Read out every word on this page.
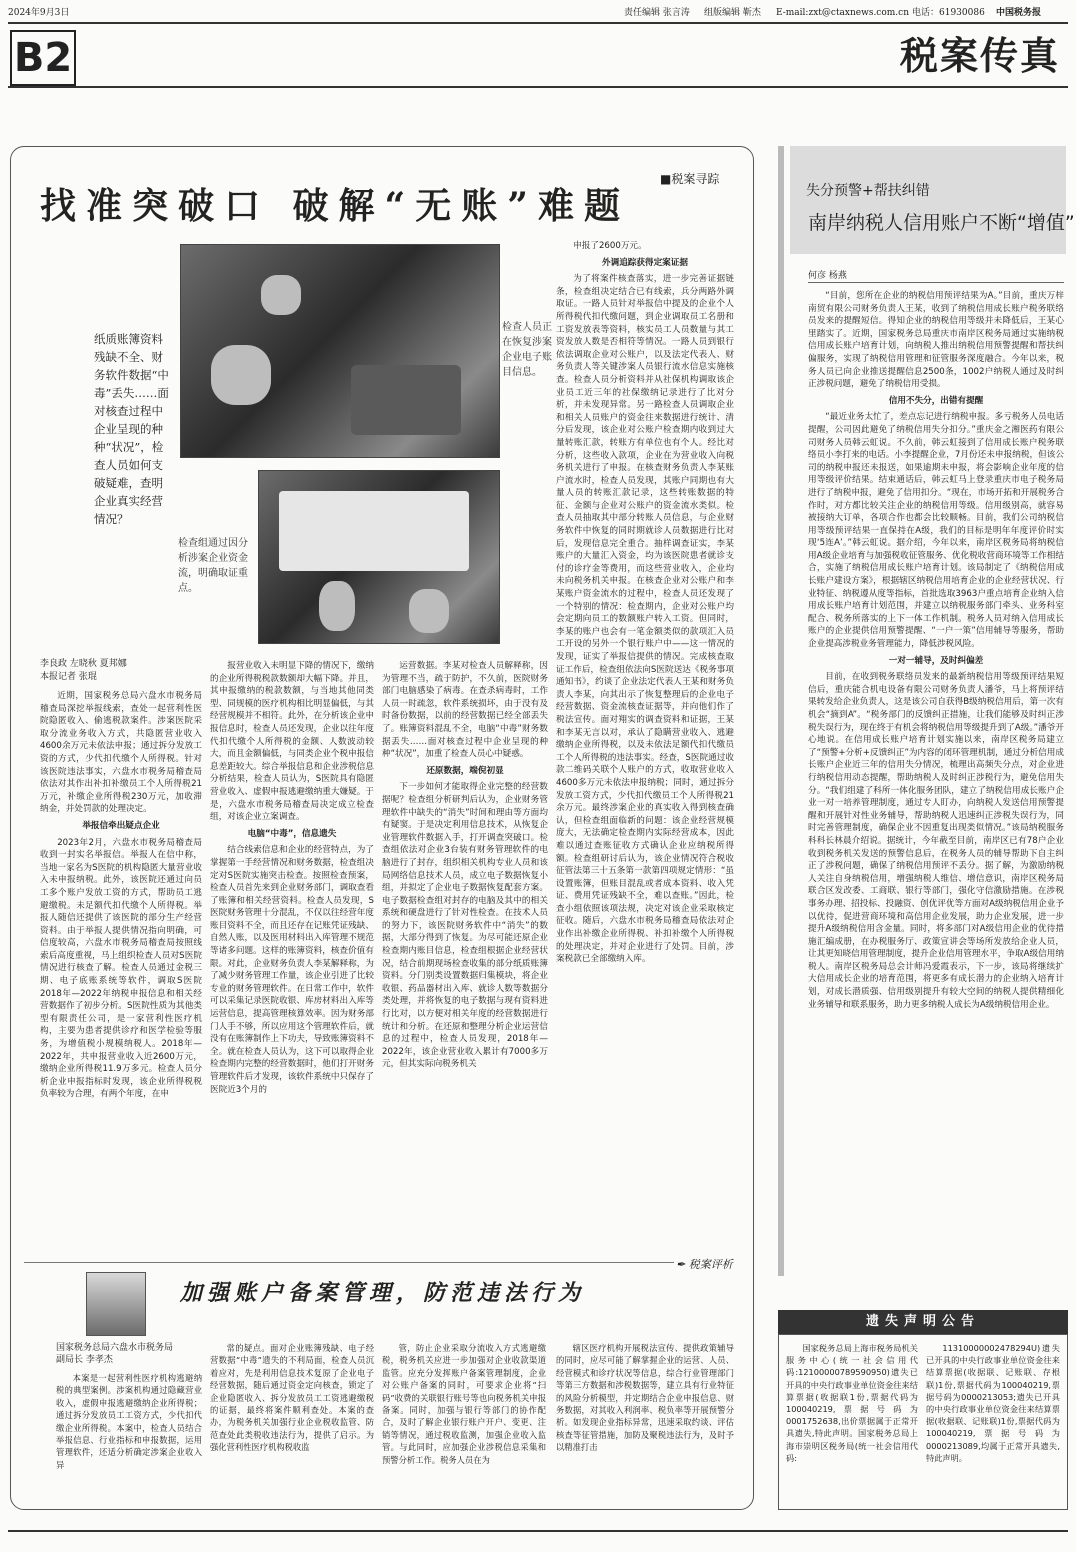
2024年9月3日	责任编辑 张言涛 组版编辑 靳杰 E-mail:zxt@ctaxnews.com.cn 电话：61930086 中国税务报
B2	税案传真
找准突破口 破解“无账”难题
■税案寻踪
纸质账簿资料残缺不全、财务软件数据“中毒”丢失……面对核查过程中企业呈现的种种“状况”，检查人员如何支破疑难，查明企业真实经营情况？
检查人员正在恢复涉案企业电子账目信息。
检查组通过因分析涉案企业资金流，明确取证重点。
李良政 左晓秋 夏邦娜
本报记者 张琨

近期，国家税务总局六盘水市税务局稽查局深挖举报线索，查处一起营利性医院隐匿收入、偷逃税款案件。涉案医院采取分流业务收入方式，共隐匿营业收入4600余万元未依法申报；通过拆分发放工资的方式，少代扣代缴个人所得税。针对该医院违法事实，六盘水市税务局稽查局依法对其作出补扣补缴员工个人所得税21万元，补缴企业所得税230万元，加收滞纳金，并处罚款的处理决定。

举报信牵出疑点企业

2023年2月，六盘水市税务局稽查局收到一封实名举报信。举报人在信中称，当地一家名为S医院的机构隐匿大量营业收入未申报纳税。此外，该医院还通过向员工多个账户发放工资的方式，帮助员工逃避缴税。未足额代扣代缴个人所得税。举报人随信还提供了该医院的部分生产经营资料。由于举报人提供情况指向明确，可信度较高，六盘水市税务局稽查局按照线索后高度重视，马上组织检查人员对S医院情况进行核查了解。检查人员通过金税三期、电子底账系统等软件，调取S医院2018年—2022年纳税申报信息和相关经营数据作了初步分析。S医院性质为其他类型有限责任公司，是一家营利性医疗机构，主要为患者提供诊疗和医学检验等服务，为增值税小规模纳税人。2018年—2022年，共申报营业收入近2600万元，缴纳企业所得税11.9万多元。检查人员分析企业申报指标时发现，该企业所得税税负率较为合理，有两个年度，在申

报营业收入未明显下降的情况下，缴纳的企业所得税税款数额却大幅下降。并且，其申报缴纳的税款数额，与当地其他同类型、同规模的医疗机构相比明显偏低，与其经营规模并不相符。此外，在分析该企业申报信息时，检查人员还发现，企业以往年度代扣代缴个人所得税的金额、人数波动较大，而且金额偏低，与同类企业个税申报信息差距较大。综合举报信息和企业涉税信息分析结果，检查人员认为，S医院具有隐匿营业收入、虚假申报逃避缴纳重大嫌疑。于是，六盘水市税务局稽查局决定成立检查组，对该企业立案调查。

电脑“中毒”，信息遗失

结合线索信息和企业的经营特点，为了掌握第一手经营情况和财务数据，检查组决定对S医院实施突击检查。按照检查预案，检查人员首先来到企业财务部门，调取查看了账簿和相关经营资料。检查人员发现，S医院财务管理十分混乱，不仅以往经营年度账目资料不全，而且还存在记账凭证残缺、自然人账，以及医用材料出入库管理不规范等诸多问题。这样的账簿资料，核查价值有限。对此，企业财务负责人李某解释称，为了减少财务管理工作量，该企业引进了比较专业的财务管理软件。在日常工作中，软件可以采集记录医院收银、库房材料出入库等运营信息，提高管理核算效率。因为财务部门人手不够，所以应用这个管理软件后，就没有在账簿制作上下功夫，导致账簿资料不全。就在检查人员认为，这下可以取得企业检查期内完整的经营数据时，他们打开财务管理软件后才发现，该软件系统中只保存了医院近3个月的

运营数据。李某对检查人员解释称，因为管理不当，疏于防护，不久前，医院财务部门电脑感染了病毒。在查杀病毒时，工作人员一时疏忽，软件系统损坏，由于没有及时备份数据，以前的经营数据已经全部丢失了。账簿资料混乱不全，电脑“中毒”财务数据丢失……面对核查过程中企业呈现的种种“状况”，加重了检查人员心中疑惑。

还原数据，端倪初显

下一步如何才能取得企业完整的经营数据呢？检查组分析研判后认为，企业财务管理软件中缺失的“消失”时间和理由等方面均有疑窦。于是决定利用信息技术，从恢复企业管理软件数据入手，打开调查突破口。检查组依法对企业3台装有财务管理软件的电脑进行了封存，组织相关机构专业人员和该局网络信息技术人员，成立电子数据恢复小组，并拟定了企业电子数据恢复配套方案。电子数据检查组对封存的电脑及其中的相关系统和硬盘进行了针对性检查。在技术人员的努力下，该医院财务软件中“消失”的数据，大部分得到了恢复。为尽可能还原企业检查期内账目信息，检查组根据企业经营状况，结合前期现场检查收集的部分纸质账簿资料。分门别类设置数据归集模块，将企业收银、药品器材出入库、就诊人数等数据分类处理，并将恢复的电子数据与现有资料进行比对，以方便对相关年度的经营数据进行统计和分析。在还原和整理分析企业运营信息的过程中，检查人员发现，2018年—2022年，该企业营业收入累计有7000多万元，但其实际向税务机关

申报了2600万元。

外调追踪获得定案证据

为了将案件核查落实，进一步完善证据链条，检查组决定结合已有线索，兵分两路外调取证。一路人员针对举报信中提及的企业个人所得税代扣代缴问题，到企业调取员工名册和工资发放表等资料，核实员工人员数量与其工资发放人数是否相符等情况。一路人员到银行依法调取企业对公账户，以及法定代表人、财务负责人等关键涉案人员银行流水信息实施核查。检查人员分析资料并从社保机构调取该企业员工近三年的社保缴纳记录进行了比对分析，并未发现异常。另一路检查人员调取企业和相关人员账户的资金往来数据进行统计、清分后发现，该企业对公账户检查期内收到过大量转账汇款，转账方有单位也有个人。经比对分析，这些收入款项，企业在为营业收入向税务机关进行了申报。在核查财务负责人李某账户流水时，检查人员发现，其账户同期也有大量人员的转账汇款记录，这些转账数据的特征、金额与企业对公账户的资金流水类似。检查人员抽取其中部分转账人员信息，与企业财务软件中恢复的同时期就诊人员数据进行比对后，发现信息完全重合。抽样调查证实，李某账户的大量汇入资金，均为该医院患者就诊支付的诊疗金等费用，而这些营业收入，企业均未向税务机关申报。在核查企业对公账户和李某账户资金流水的过程中，检查人员还发现了一个特别的情况：检查期内，企业对公账户均会定期向员工的数额账户转入工资。但同时，李某的账户也会有一笔金额类似的款项汇入员工开设的另外一个银行账户中——这一情况的发现，证实了举报信提供的情况。完成核查取证工作后，检查组依法向S医院送达《税务事项通知书》，约谈了企业法定代表人王某和财务负责人李某，向其出示了恢复整理后的企业电子经营数据、资金流核查证据等，并向他们作了税法宣传。面对翔实的调查资料和证据，王某和李某无言以对，承认了隐瞒营业收入、逃避缴纳企业所得税，以及未依法足额代扣代缴员工个人所得税的违法事实。经查，S医院通过收款二维码关联个人账户的方式，收取营业收入4600多万元未依法申报纳税；同时，通过拆分发放工资方式，少代扣代缴员工个人所得税21余万元。最终涉案企业的真实收入得到核查确认，但检查组面临新的问题：该企业经营规模庞大，无法确定检查期内实际经营成本，因此难以通过查账征收方式确认企业应纳税所得额。检查组研讨后认为，该企业情况符合税收征管法第三十五条第一款第四项规定情形：“虽设置账簿，但账目混乱或者成本资料、收入凭证、费用凭证残缺不全，难以查账。”因此，检查小组依照该项法规，决定对该企业采取核定征收。随后，六盘水市税务局稽查局依法对企业作出补缴企业所得税、补扣补缴个人所得税的处理决定，并对企业进行了处罚。目前，涉案税款已全部缴纳入库。

✒ 税案评析
加强账户备案管理，防范违法行为
国家税务总局六盘水市税务局
副局长 李孝杰

本案是一起营利性医疗机构逃避纳税的典型案例。涉案机构通过隐藏营业收入，虚假申报逃避缴纳企业所得税；通过拆分发放员工工资方式，少代扣代缴企业所得税。本案中，检查人员结合举报信息、行业指标和申报数据，运用管理软件，还适分析确定涉案企业收入异

常的疑点。面对企业账簿残缺、电子经营数据“中毒”遗失的不利局面，检查人员沉着应对，先是利用信息技术复原了企业电子经营数据，随后通过资金定向核查，锁定了企业隐匿收入、拆分发放员工工资逃避缴税的证据，最终将案件顺利查处。本案的查办，为税务机关加强行业企业税收监管、防范查处此类税收违法行为，提供了启示。为强化营利性医疗机构税收监

管，防止企业采取分流收入方式逃避缴税，税务机关应进一步加强对企业收款渠道监管。应充分发挥账户备案管理制度，企业对公账户备案的同时，可要求企业将“扫码”收费的关联银行账号等也向税务机关申报备案。同时，加强与银行等部门的协作配合，及时了解企业银行账户开户、变更、注销等情况，通过税收监测，加强企业收入监管。与此同时，应加强企业涉税信息采集和预警分析工作。税务人员在为

辖区医疗机构开展税法宣传、提供政策辅导的同时，应尽可能了解掌握企业的运营、人员、经营模式和诊疗状况等信息，综合行业管理部门等第三方数据和涉税数据等，建立具有行业特征的风险分析模型，并定期结合企业申报信息、财务数据，对其收入利润率、税负率等开展预警分析。如发现企业指标异常，迅速采取约谈、评估核查等征管措施，加防及聚税违法行为，及时予以精准打击

失分预警+帮扶纠错
南岸纳税人信用账户不断“增值”
何彦 杨燕

“目前，您所在企业的纳税信用预评结果为A。”目前，重庆万梓南贸有限公司财务负责人王某，收到了纳税信用成长账户税务联络员发来的提醒短信。得知企业的纳税信用等级并未降低后，王某心里踏实了。近期，国家税务总局重庆市南岸区税务局通过实施纳税信用成长账户培育计划，向纳税人推出纳税信用预警提醒和帮扶纠偏服务，实现了纳税信用管理和征管服务深度融合。今年以来，税务人员已向企业推送提醒信息2500条，1002户纳税人通过及时纠正涉税问题，避免了纳税信用受损。

信用不失分，出错有提醒

“最近业务太忙了，差点忘记进行纳税申报。多亏税务人员电话提醒，公司因此避免了纳税信用失分扣分。”重庆金之湘医药有限公司财务人员韩云虹说。不久前，韩云虹接到了信用成长账户税务联络员小李打来的电话。小李提醒企业，7月份还未申报纳税，但该公司的纳税申报还未报送，如果逾期未申报，将会影响企业年度的信用等级评价结果。结束通话后，韩云虹马上登录重庆市电子税务局进行了纳税申报，避免了信用扣分。“现在，市场开拓和开展税务合作时，对方都比较关注企业的纳税信用等级。信用级别高，就容易被接纳大订单，各项合作也都会比较顺畅。目前，我们公司纳税信用等级预评结果一直保持在A级，我们的目标是明年年度评价时实现‘5连A’。”韩云虹说。据介绍，今年以来，南岸区税务局将纳税信用A级企业培育与加强税收征管服务、优化税收营商环境等工作相结合，实施了纳税信用成长账户培育计划。该局制定了《纳税信用成长账户建设方案》，根据辖区纳税信用培育企业的企业经营状况、行业特征、纳税遵从度等指标，首批选取3963户重点培育企业纳入信用成长账户培育计划范围，并建立以纳税服务部门牵头、业务科室配合、税务所落实的上下一体工作机制。税务人员对纳入信用成长账户的企业提供信用预警提醒、“一户一策”信用辅导等服务，帮助企业提高涉税业务管理能力，降低涉税风险。

一对一辅导，及时纠偏差

目前，在收到税务联络员发来的最新纳税信用等级预评结果短信后，重庆能合机电设备有限公司财务负责人潘爷，马上将预评结果转发给企业负责人，这是该公司自获得B级纳税信用后，第一次有机会“摘到A”。“税务部门的反馈纠正措施，让我们能够及时纠正涉税失误行为，现在终于有机会将纳税信用等级提升到了A级。”潘爷开心地说。在信用成长账户培育计划实施以来，南岸区税务局建立了“预警+分析+反馈纠正”为内容的闭环管理机制，通过分析信用成长账户企业近三年的信用失分情况，梳理出高频失分点，对企业进行纳税信用动态提醒，帮助纳税人及时纠正涉税行为，避免信用失分。“我们组建了科所一体化服务团队，建立了纳税信用成长账户企业一对一培养管理制度，通过专人盯办，向纳税人发送信用预警提醒和开展针对性业务辅导，帮助纳税人迅速纠正涉税失误行为，同时完善管理制度，确保企业不因重复出现类似情况。”该局纳税服务科科长林晨介绍说。据统计，今年截至目前，南岸区已有78户企业收到税务机关发送的预警信息后，在税务人员的辅导帮助下自主纠正了涉税问题，确保了纳税信用预评不丢分。据了解，为激励纳税人关注自身纳税信用，增强纳税人维信、增信意识，南岸区税务局联合区发改委、工商联、银行等部门，强化守信激励措施。在涉税事务办理、招投标、投融资、创优评优等方面对A级纳税信用企业予以优待，促进营商环境和高信用企业发展，助力企业发展，进一步提升A级纳税信用含金量。同时，将多部门对A级信用企业的优待措施汇编成册，在办税服务厅、政策宣讲会等场所发放给企业人员，让其更知晓信用管理制度，提升企业信用管理水平，争取A级信用纳税人。南岸区税务局总会计师冯爱霞表示，下一步，该局将继续扩大信用成长企业的培育范围，将更多有成长潜力的企业纳入培育计划，对成长潜质强、信用级别提升有较大空间的纳税人提供精细化业务辅导和联系服务，助力更多纳税人成长为A级纳税信用企业。

遗失声明公告

国家税务总局上海市税务局机关服务中心(统一社会信用代码:12100000789590950)遗失已开具的中央行政事业单位资金往来结算票据(收据联1份,票据代码为100040219,票据号码为0001752638,出价票据属于正常开具遗失,特此声明。国家税务总局上海市崇明区税务局(统一社会信用代码:

11310000002478294U)遗失已开具的中央行政事业单位资金往来结算票据(收据联、记账联、存根联)1份,票据代码为100040219,票据号码为0000213053;遗失已开具的中央行政事业单位资金往来结算票据(收据联、记账联)1份,票据代码为100040219,票据号码为0000213089,均属于正常开具遗失,特此声明。
